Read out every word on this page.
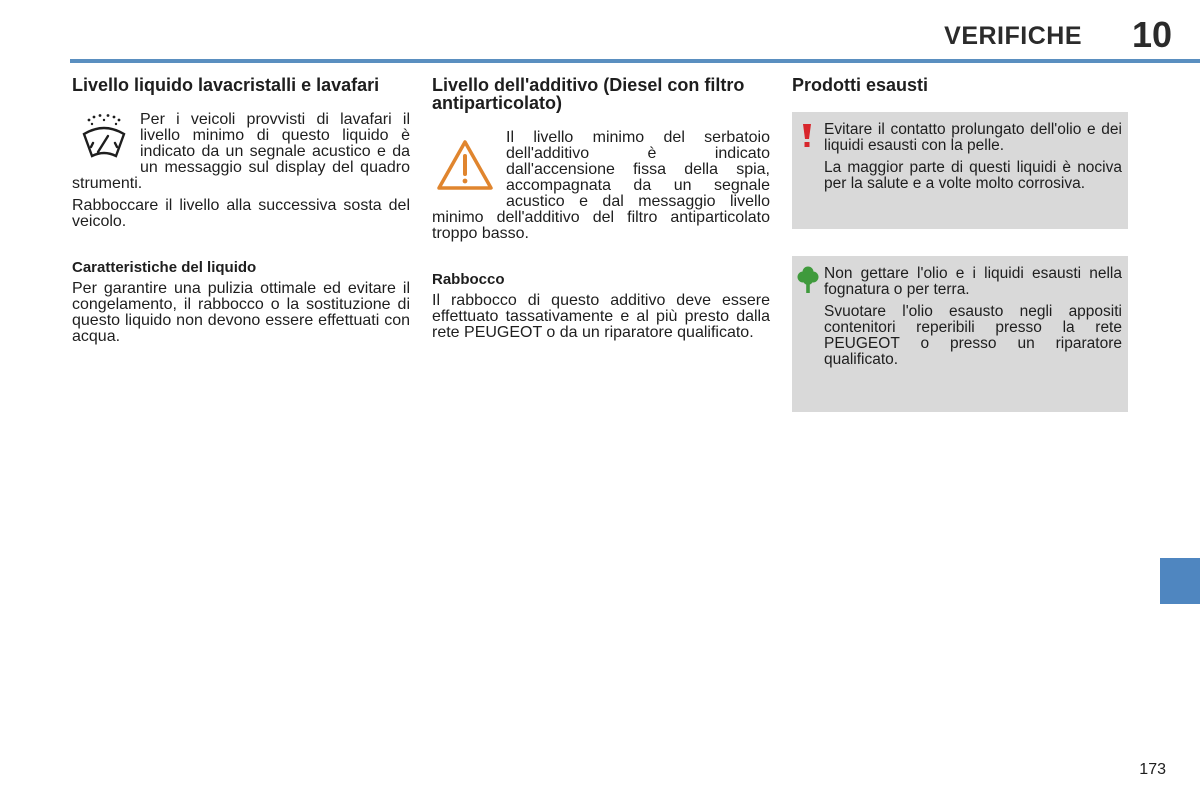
VERIFICHE 10
Livello liquido lavacristalli e lavafari

Per i veicoli provvisti di lavafari il livello minimo di questo liquido è indicato da un segnale acustico e da un messaggio sul display del quadro strumenti.

Rabboccare il livello alla successiva sosta del veicolo.

Caratteristiche del liquido

Per garantire una pulizia ottimale ed evitare il congelamento, il rabbocco o la sostituzione di questo liquido non devono essere effettuati con acqua.

Livello dell'additivo (Diesel con filtro antiparticolato)

Il livello minimo del serbatoio dell'additivo è indicato dall'accensione fissa della spia, accompagnata da un segnale acustico e dal messaggio livello minimo dell'additivo del filtro antiparticolato troppo basso.

Rabbocco

Il rabbocco di questo additivo deve essere effettuato tassativamente e al più presto dalla rete PEUGEOT o da un riparatore qualificato.

Prodotti esausti

Evitare il contatto prolungato dell'olio e dei liquidi esausti con la pelle.

La maggior parte di questi liquidi è nociva per la salute e a volte molto corrosiva.

Non gettare l'olio e i liquidi esausti nella fognatura o per terra.

Svuotare l'olio esausto negli appositi contenitori reperibili presso la rete PEUGEOT o presso un riparatore qualificato.

173
